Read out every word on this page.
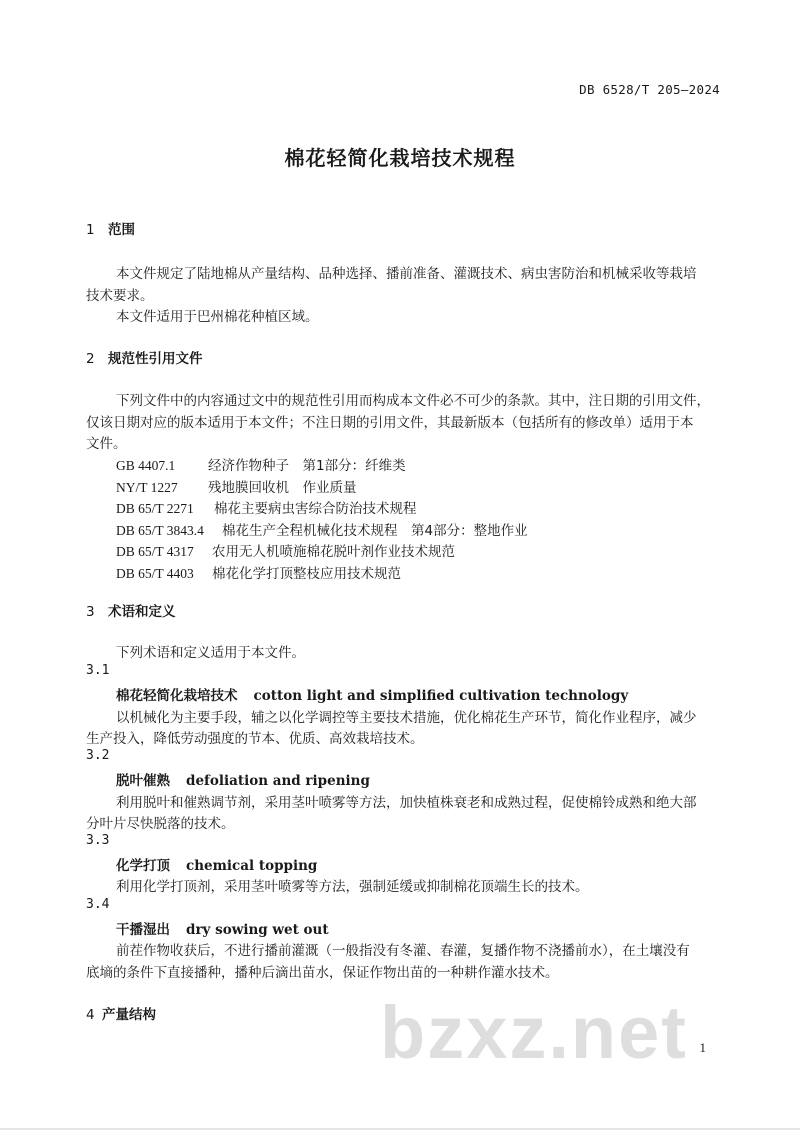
DB 6528/T 205—2024
棉花轻简化栽培技术规程
1 范围
本文件规定了陆地棉从产量结构、品种选择、播前准备、灌溉技术、病虫害防治和机械采收等栽培
技术要求。
本文件适用于巴州棉花种植区域。
2 规范性引用文件
下列文件中的内容通过文中的规范性引用而构成本文件必不可少的条款。其中，注日期的引用文件，
仅该日期对应的版本适用于本文件；不注日期的引用文件，其最新版本（包括所有的修改单）适用于本
文件。
GB 4407.1 经济作物种子　第1部分：纤维类
NY/T 1227 残地膜回收机　作业质量
DB 65/T 2271 棉花主要病虫害综合防治技术规程
DB 65/T 3843.4 棉花生产全程机械化技术规程　第4部分：整地作业
DB 65/T 4317 农用无人机喷施棉花脱叶剂作业技术规范
DB 65/T 4403 棉花化学打顶整枝应用技术规范
3 术语和定义
下列术语和定义适用于本文件。
3.1
棉花轻简化栽培技术 cotton light and simplified cultivation technology
以机械化为主要手段，辅之以化学调控等主要技术措施，优化棉花生产环节，简化作业程序，减少
生产投入，降低劳动强度的节本、优质、高效栽培技术。
3.2
脱叶催熟 defoliation and ripening
利用脱叶和催熟调节剂，采用茎叶喷雾等方法，加快植株衰老和成熟过程，促使棉铃成熟和绝大部
分叶片尽快脱落的技术。
3.3
化学打顶 chemical topping
利用化学打顶剂，采用茎叶喷雾等方法，强制延缓或抑制棉花顶端生长的技术。
3.4
干播湿出 dry sowing wet out
前茬作物收获后，不进行播前灌溉（一般指没有冬灌、春灌，复播作物不浇播前水），在土壤没有
底墒的条件下直接播种，播种后滴出苗水，保证作物出苗的一种耕作灌水技术。
4 产量结构	bzxz.net 1
